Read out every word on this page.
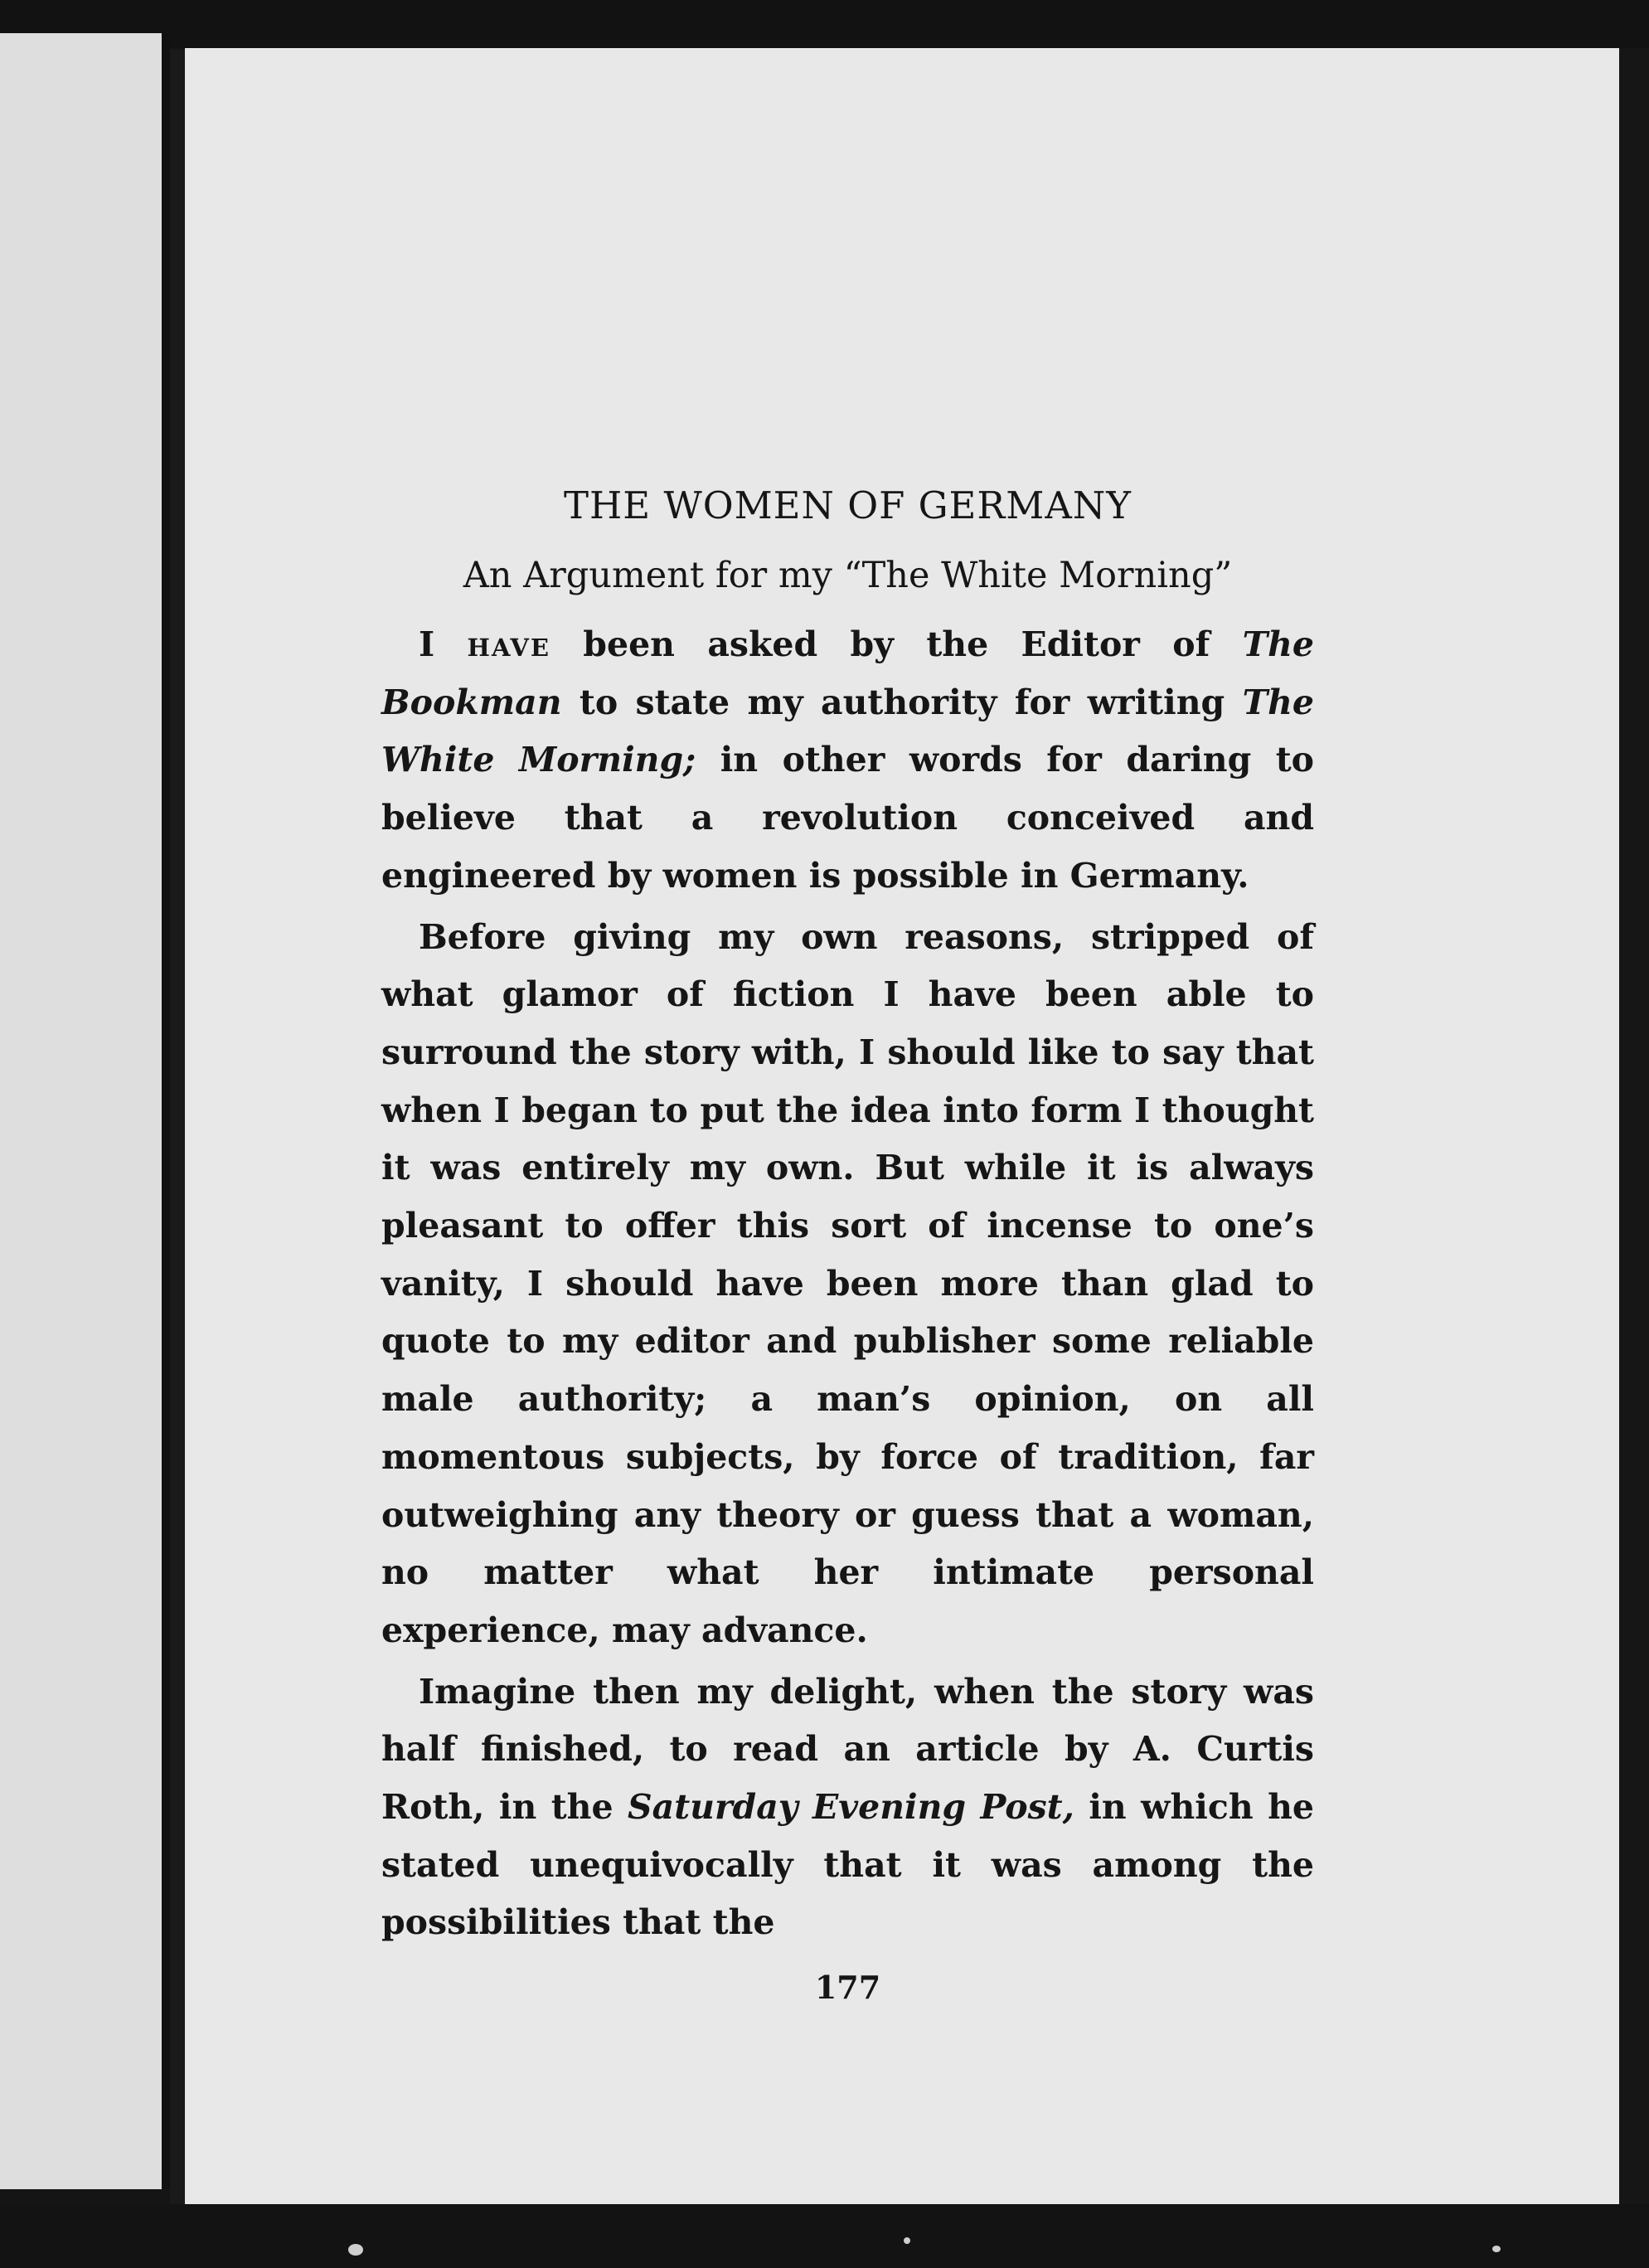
THE WOMEN OF GERMANY
An Argument for my “The White Morning”

I have been asked by the Editor of The Bookman to state my authority for writing The White Morning; in other words for daring to believe that a revolution conceived and engineered by women is possible in Germany.

Before giving my own reasons, stripped of what glamor of fiction I have been able to surround the story with, I should like to say that when I began to put the idea into form I thought it was entirely my own. But while it is always pleasant to offer this sort of incense to one’s vanity, I should have been more than glad to quote to my editor and publisher some reliable male authority; a man’s opinion, on all momentous subjects, by force of tradition, far outweighing any theory or guess that a woman, no matter what her intimate personal experience, may advance.

Imagine then my delight, when the story was half finished, to read an article by A. Curtis Roth, in the Saturday Evening Post, in which he stated unequivocally that it was among the possibilities that the

177
